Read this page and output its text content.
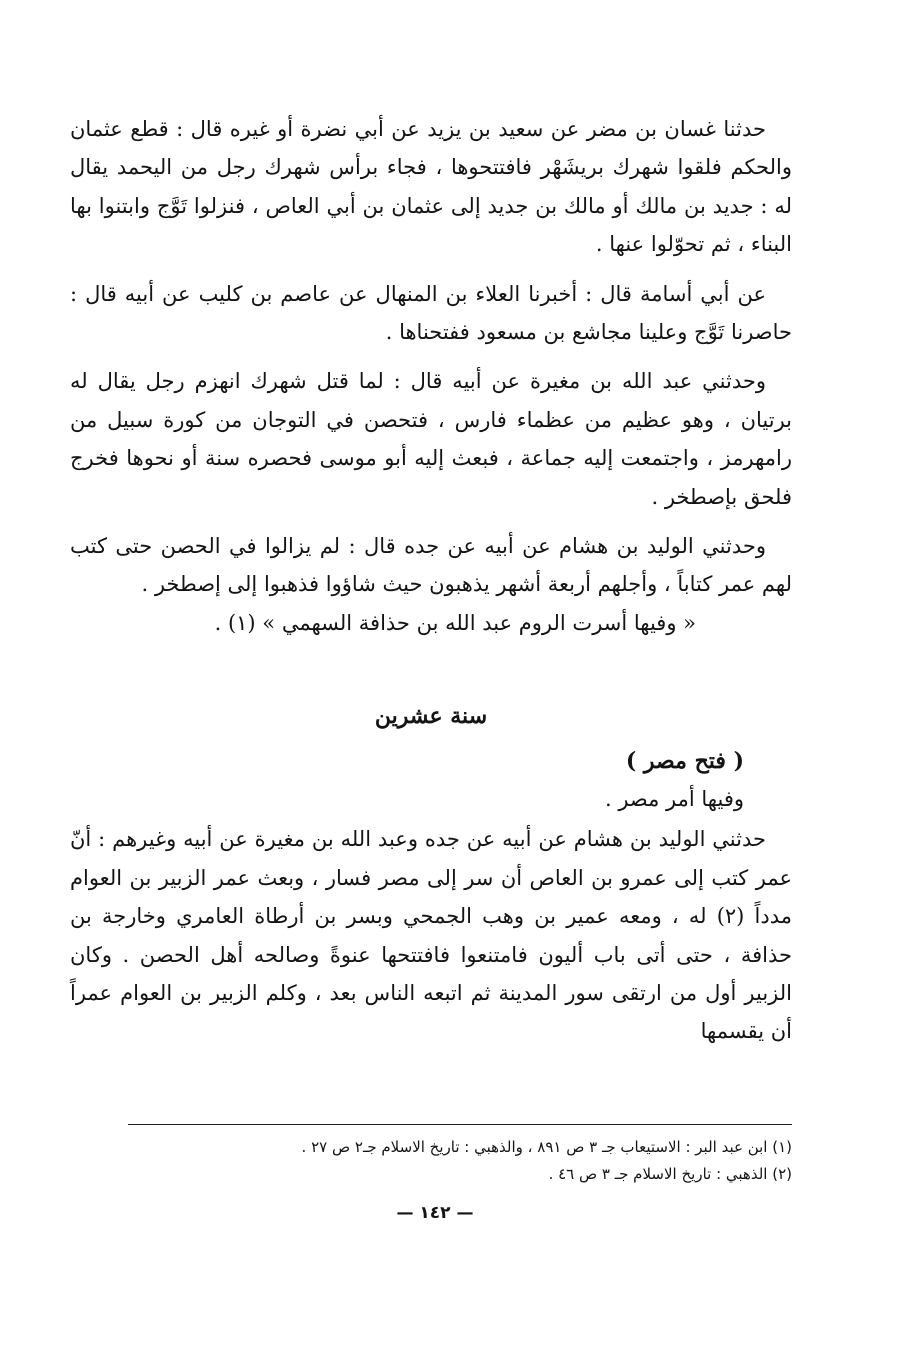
حدثنا غسان بن مضر عن سعيد بن يزيد عن أبي نضرة أو غيره قال : قطع عثمان والحكم فلقوا شهرك بريشَهْر فافتتحوها ، فجاء برأس شهرك رجل من اليحمد يقال له : جديد بن مالك أو مالك بن جديد إلى عثمان بن أبي العاص ، فنزلوا تَوَّج وابتنوا بها البناء ، ثم تحوّلوا عنها .

عن أبي أسامة قال : أخبرنا العلاء بن المنهال عن عاصم بن كليب عن أبيه قال : حاصرنا تَوَّج وعلينا مجاشع بن مسعود ففتحناها .

وحدثني عبد الله بن مغيرة عن أبيه قال : لما قتل شهرك انهزم رجل يقال له برتيان ، وهو عظيم من عظماء فارس ، فتحصن في التوجان من كورة سبيل من رامهرمز ، واجتمعت إليه جماعة ، فبعث إليه أبو موسى فحصره سنة أو نحوها فخرج فلحق بإصطخر .

وحدثني الوليد بن هشام عن أبيه عن جده قال : لم يزالوا في الحصن حتى كتب لهم عمر كتاباً ، وأجلهم أربعة أشهر يذهبون حيث شاؤوا فذهبوا إلى إصطخر .

« وفيها أسرت الروم عبد الله بن حذافة السهمي » (١) .

سنة عشرين
( فتح مصر )
وفيها أمر مصر .

حدثني الوليد بن هشام عن أبيه عن جده وعبد الله بن مغيرة عن أبيه وغيرهم : أنّ عمر كتب إلى عمرو بن العاص أن سر إلى مصر فسار ، وبعث عمر الزبير بن العوام مدداً (٢) له ، ومعه عمير بن وهب الجمحي وبسر بن أرطاة العامري وخارجة بن حذافة ، حتى أتى باب أليون فامتنعوا فافتتحها عنوةً وصالحه أهل الحصن . وكان الزبير أول من ارتقى سور المدينة ثم اتبعه الناس بعد ، وكلم الزبير بن العوام عمراً أن يقسمها

(١) ابن عبد البر : الاستيعاب جـ ٣ ص ٨٩١ ، والذهبي : تاريخ الاسلام جـ٢ ص ٢٧ .

(٢) الذهبي : تاريخ الاسلام جـ ٣ ص ٤٦ .

— ١٤٢ —
